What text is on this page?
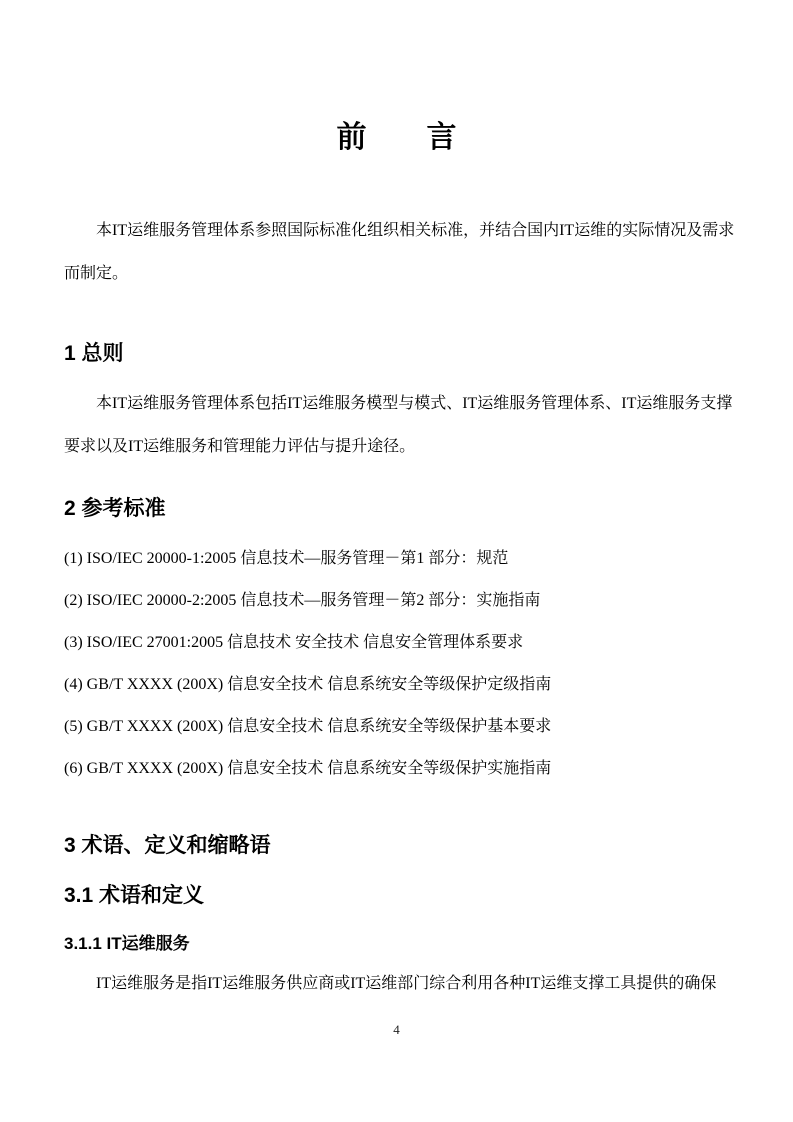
前　　言
本IT运维服务管理体系参照国际标准化组织相关标准，并结合国内IT运维的实际情况及需求
而制定。
1 总则
本IT运维服务管理体系包括IT运维服务模型与模式、IT运维服务管理体系、IT运维服务支撑
要求以及IT运维服务和管理能力评估与提升途径。
2 参考标准
(1) ISO/IEC 20000-1:2005 信息技术—服务管理－第1 部分：规范
(2) ISO/IEC 20000-2:2005 信息技术—服务管理－第2 部分：实施指南
(3) ISO/IEC 27001:2005 信息技术 安全技术 信息安全管理体系要求
(4) GB/T XXXX (200X) 信息安全技术 信息系统安全等级保护定级指南
(5) GB/T XXXX (200X) 信息安全技术 信息系统安全等级保护基本要求
(6) GB/T XXXX (200X) 信息安全技术 信息系统安全等级保护实施指南
3 术语、定义和缩略语
3.1 术语和定义
3.1.1 IT运维服务
IT运维服务是指IT运维服务供应商或IT运维部门综合利用各种IT运维支撑工具提供的确保
4
